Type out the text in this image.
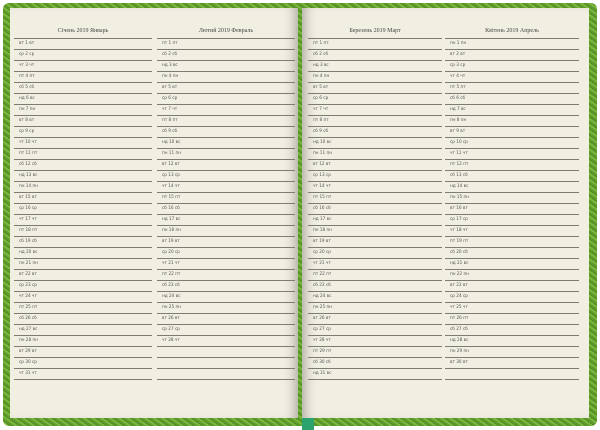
Січень 2019 Январь
вт 1 вт
ср 2 ср
чт 3 чт
пт 4 пт
сб 5 сб
нд 6 вс
пн 7 пн
вт 8 вт
ср 9 ср
чт 10 чт
пт 11 пт
сб 12 сб
нд 13 вс
пн 14 пн
вт 15 вт
ср 16 ср
чт 17 чт
пт 18 пт
сб 19 сб
нд 20 вс
пн 21 пн
вт 22 вт
ср 23 ср
чт 24 чт
пт 25 пт
сб 26 сб
нд 27 вс
пн 28 пн
вт 29 вт
ср 30 ср
чт 31 чт
Лютий 2019 Февраль
пт 1 пт
сб 2 сб
нд 3 вс
пн 4 пн
вт 5 вт
ср 6 ср
чт 7 чт
пт 8 пт
сб 9 сб
нд 10 вс
пн 11 пн
вт 12 вт
ср 13 ср
чт 14 чт
пт 15 пт
сб 16 сб
нд 17 вс
пн 18 пн
вт 19 вт
ср 20 ср
чт 21 чт
пт 22 пт
сб 23 сб
нд 24 вс
пн 25 пн
вт 26 вт
ср 27 ср
чт 28 чт
Березень 2019 Март
пт 1 пт
сб 2 сб
нд 3 вс
пн 4 пн
вт 5 вт
ср 6 ср
чт 7 чт
пт 8 пт
сб 9 сб
нд 10 вс
пн 11 пн
вт 12 вт
ср 13 ср
чт 14 чт
пт 15 пт
сб 16 сб
нд 17 вс
пн 18 пн
вт 19 вт
ср 20 ср
чт 21 чт
пт 22 пт
сб 23 сб
нд 24 вс
пн 25 пн
вт 26 вт
ср 27 ср
чт 28 чт
пт 29 пт
сб 30 сб
нд 31 вс
Квітень 2019 Апрель
пн 1 пн
вт 2 вт
ср 3 ср
чт 4 чт
пт 5 пт
сб 6 сб
нд 7 вс
пн 8 пн
вт 9 вт
ср 10 ср
чт 11 чт
пт 12 пт
сб 13 сб
нд 14 вс
пн 15 пн
вт 16 вт
ср 17 ср
чт 18 чт
пт 19 пт
сб 20 сб
нд 21 вс
пн 22 пн
вт 23 вт
ср 24 ср
чт 25 чт
пт 26 пт
сб 27 сб
нд 28 вс
пн 29 пн
вт 30 вт
